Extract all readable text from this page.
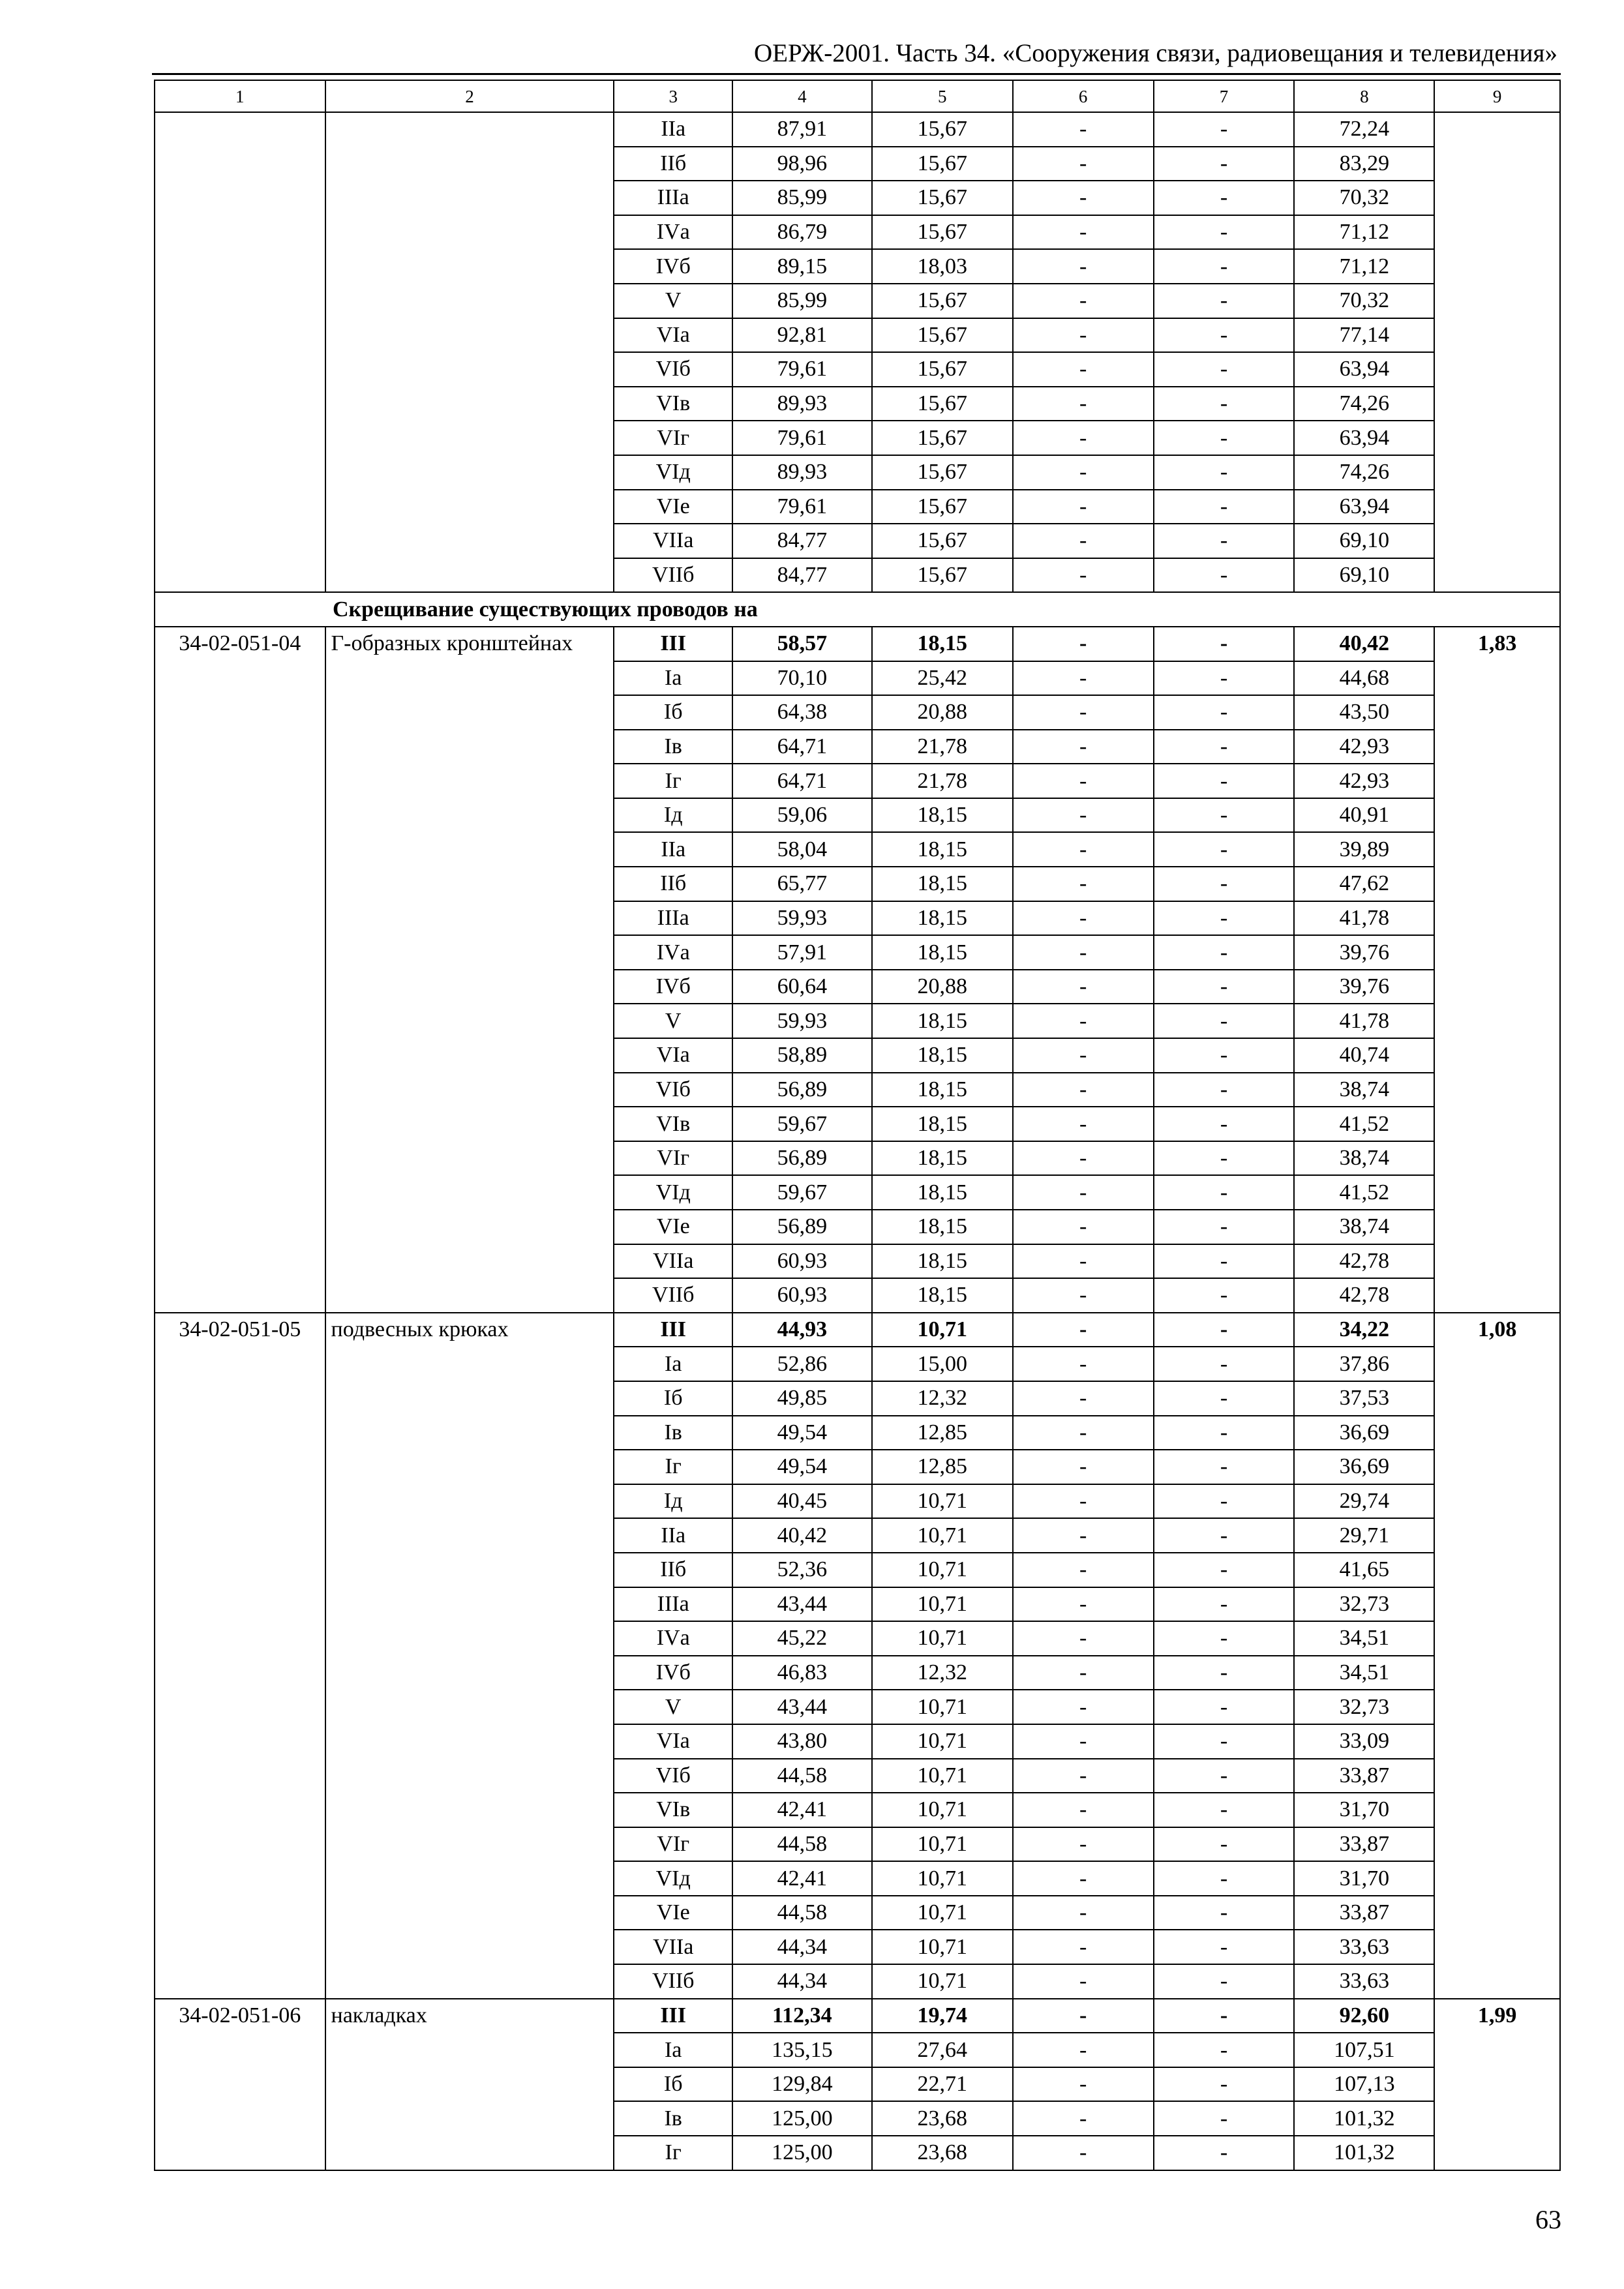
ОЕРЖ-2001. Часть 34. «Сооружения связи, радиовещания и телевидения»
1	2	3	4	5	6	7	8	9
		IIа	87,91	15,67	-	-	72,24	
		IIб	98,96	15,67	-	-	83,29	
		IIIа	85,99	15,67	-	-	70,32	
		IVа	86,79	15,67	-	-	71,12	
		IVб	89,15	18,03	-	-	71,12	
		V	85,99	15,67	-	-	70,32	
		VIа	92,81	15,67	-	-	77,14	
		VIб	79,61	15,67	-	-	63,94	
		VIв	89,93	15,67	-	-	74,26	
		VIг	79,61	15,67	-	-	63,94	
		VIд	89,93	15,67	-	-	74,26	
		VIе	79,61	15,67	-	-	63,94	
		VIIа	84,77	15,67	-	-	69,10	
		VIIб	84,77	15,67	-	-	69,10	
Скрещивание существующих проводов на								
34-02-051-04	Г-образных кронштейнах	III	58,57	18,15	-	-	40,42	1,83
		Iа	70,10	25,42	-	-	44,68	
		Iб	64,38	20,88	-	-	43,50	
		Iв	64,71	21,78	-	-	42,93	
		Iг	64,71	21,78	-	-	42,93	
		Iд	59,06	18,15	-	-	40,91	
		IIа	58,04	18,15	-	-	39,89	
		IIб	65,77	18,15	-	-	47,62	
		IIIа	59,93	18,15	-	-	41,78	
		IVа	57,91	18,15	-	-	39,76	
		IVб	60,64	20,88	-	-	39,76	
		V	59,93	18,15	-	-	41,78	
		VIа	58,89	18,15	-	-	40,74	
		VIб	56,89	18,15	-	-	38,74	
		VIв	59,67	18,15	-	-	41,52	
		VIг	56,89	18,15	-	-	38,74	
		VIд	59,67	18,15	-	-	41,52	
		VIе	56,89	18,15	-	-	38,74	
		VIIа	60,93	18,15	-	-	42,78	
		VIIб	60,93	18,15	-	-	42,78	
34-02-051-05	подвесных крюках	III	44,93	10,71	-	-	34,22	1,08
		Iа	52,86	15,00	-	-	37,86	
		Iб	49,85	12,32	-	-	37,53	
		Iв	49,54	12,85	-	-	36,69	
		Iг	49,54	12,85	-	-	36,69	
		Iд	40,45	10,71	-	-	29,74	
		IIа	40,42	10,71	-	-	29,71	
		IIб	52,36	10,71	-	-	41,65	
		IIIа	43,44	10,71	-	-	32,73	
		IVа	45,22	10,71	-	-	34,51	
		IVб	46,83	12,32	-	-	34,51	
		V	43,44	10,71	-	-	32,73	
		VIа	43,80	10,71	-	-	33,09	
		VIб	44,58	10,71	-	-	33,87	
		VIв	42,41	10,71	-	-	31,70	
		VIг	44,58	10,71	-	-	33,87	
		VIд	42,41	10,71	-	-	31,70	
		VIе	44,58	10,71	-	-	33,87	
		VIIа	44,34	10,71	-	-	33,63	
		VIIб	44,34	10,71	-	-	33,63	
34-02-051-06	накладках	III	112,34	19,74	-	-	92,60	1,99
		Iа	135,15	27,64	-	-	107,51	
		Iб	129,84	22,71	-	-	107,13	
		Iв	125,00	23,68	-	-	101,32	
		Iг	125,00	23,68	-	-	101,32	
63
